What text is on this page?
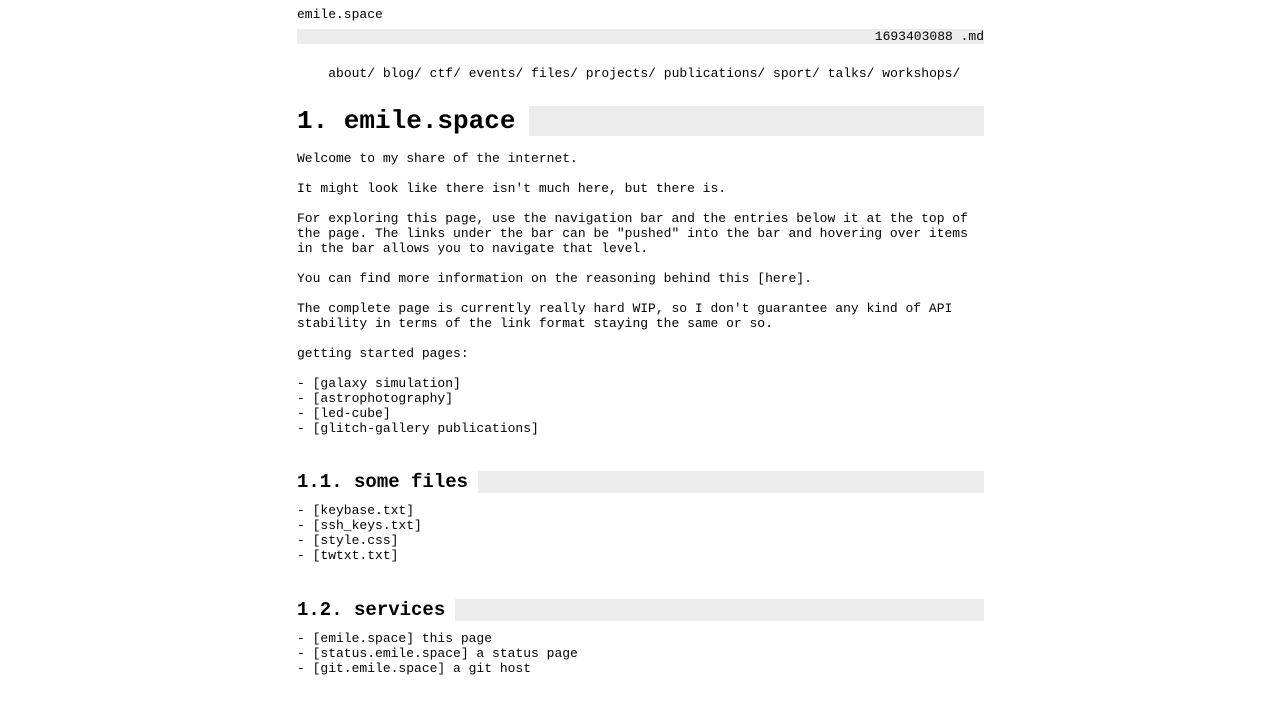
emile.space
1693403088 .md

about/ blog/ ctf/ events/ files/ projects/ publications/ sport/ talks/ workshops/

1. emile.space

Welcome to my share of the internet.

It might look like there isn't much here, but there is.

For exploring this page, use the navigation bar and the entries below it at the top of the page. The links under the bar can be "pushed" into the bar and hovering over items in the bar allows you to navigate that level.

You can find more information on the reasoning behind this [here].

The complete page is currently really hard WIP, so I don't guarantee any kind of API stability in terms of the link format staying the same or so.

getting started pages:

- [galaxy simulation]
- [astrophotography]
- [led-cube]
- [glitch-gallery publications]
1.1. some files
- [keybase.txt]
- [ssh_keys.txt]
- [style.css]
- [twtxt.txt]
1.2. services
- [emile.space] this page
- [status.emile.space] a status page
- [git.emile.space] a git host
